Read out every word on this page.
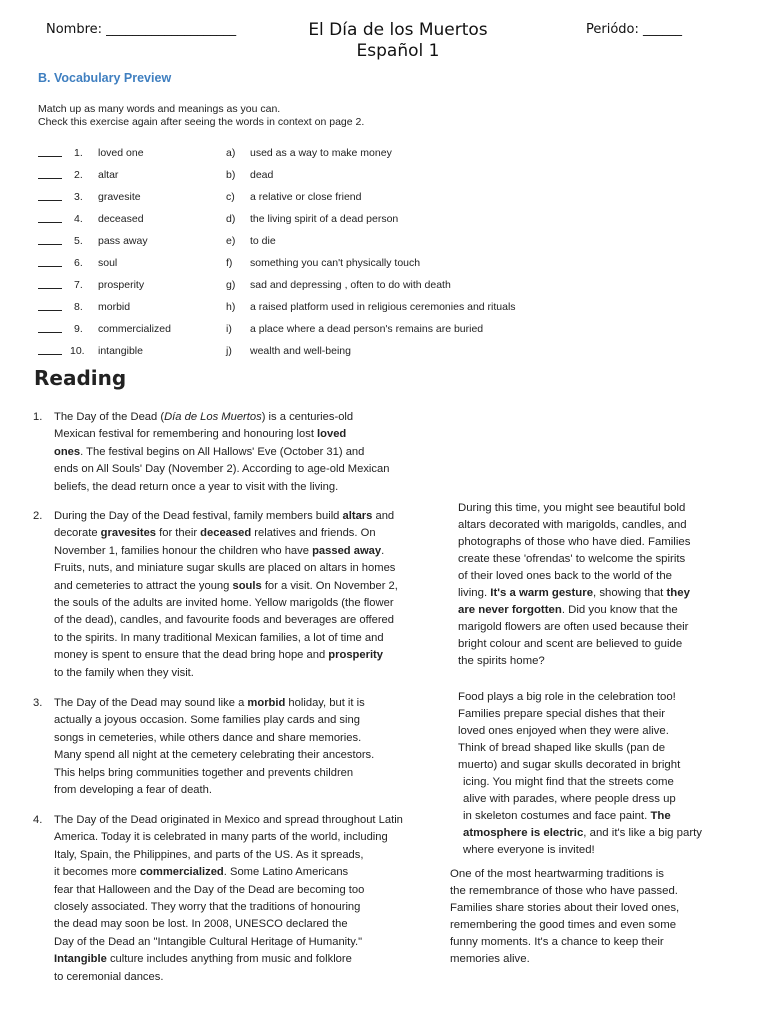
Nombre: ____________________	El Día de los Muertos
Español 1
Periódo: ______
B. Vocabulary Preview
Match up as many words and meanings as you can.
Check this exercise again after seeing the words in context on page 2.
1. loved one	a) used as a way to make money
2. altar	b) dead
3. gravesite	c) a relative or close friend
4. deceased	d) the living spirit of a dead person
5. pass away	e) to die
6. soul	f) something you can't physically touch
7. prosperity	g) sad and depressing , often to do with death
8. morbid	h) a raised platform used in religious ceremonies and rituals
9. commercialized	i) a place where a dead person's remains are buried
10. intangible	j) wealth and well-being
Reading
1. The Day of the Dead (Día de Los Muertos) is a centuries-old
Mexican festival for remembering and honouring lost loved
ones. The festival begins on All Hallows' Eve (October 31) and
ends on All Souls' Day (November 2). According to age-old Mexican
beliefs, the dead return once a year to visit with the living.
2. During the Day of the Dead festival, family members build altars and
decorate gravesites for their deceased relatives and friends. On
November 1, families honour the children who have passed away.
Fruits, nuts, and miniature sugar skulls are placed on altars in homes
and cemeteries to attract the young souls for a visit. On November 2,
the souls of the adults are invited home. Yellow marigolds (the flower
of the dead), candles, and favourite foods and beverages are offered
to the spirits. In many traditional Mexican families, a lot of time and
money is spent to ensure that the dead bring hope and prosperity
to the family when they visit.
3. The Day of the Dead may sound like a morbid holiday, but it is
actually a joyous occasion. Some families play cards and sing
songs in cemeteries, while others dance and share memories.
Many spend all night at the cemetery celebrating their ancestors.
This helps bring communities together and prevents children
from developing a fear of death.
4. The Day of the Dead originated in Mexico and spread throughout Latin
America. Today it is celebrated in many parts of the world, including
Italy, Spain, the Philippines, and parts of the US. As it spreads,
it becomes more commercialized. Some Latino Americans
fear that Halloween and the Day of the Dead are becoming too
closely associated. They worry that the traditions of honouring
the dead may soon be lost. In 2008, UNESCO declared the
Day of the Dead an "Intangible Cultural Heritage of Humanity."
Intangible culture includes anything from music and folklore
to ceremonial dances.
During this time, you might see beautiful bold
altars decorated with marigolds, candles, and
photographs of those who have died. Families
create these 'ofrendas' to welcome the spirits
of their loved ones back to the world of the
living. It's a warm gesture, showing that they
are never forgotten. Did you know that the
marigold flowers are often used because their
bright colour and scent are believed to guide
the spirits home?
Food plays a big role in the celebration too!
Families prepare special dishes that their
loved ones enjoyed when they were alive.
Think of bread shaped like skulls (pan de
muerto) and sugar skulls decorated in bright
icing. You might find that the streets come
alive with parades, where people dress up
in skeleton costumes and face paint. The
atmosphere is electric, and it's like a big party
where everyone is invited!
One of the most heartwarming traditions is
the remembrance of those who have passed.
Families share stories about their loved ones,
remembering the good times and even some
funny moments. It's a chance to keep their
memories alive.
